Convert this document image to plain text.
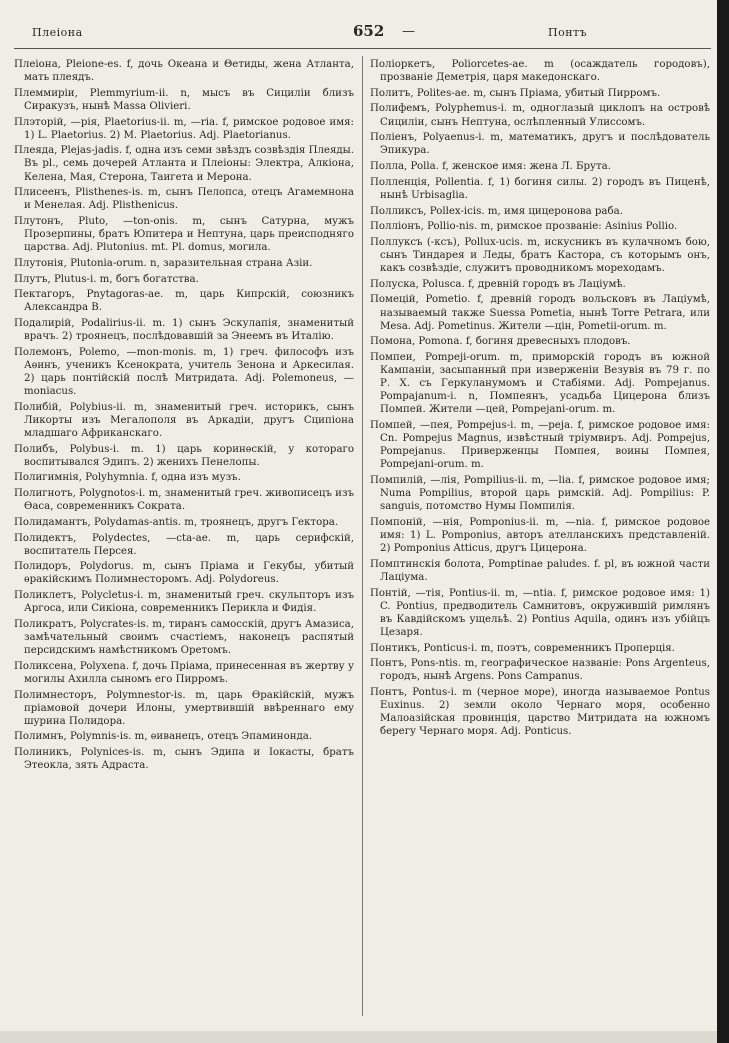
Плеіона	652 —	Понтъ

Плеіона, Pleione-es. f, дочь Океана и Θетиды, жена Атланта, мать плеядъ.

Племмиріи, Plemmyrium-ii. n, мысъ въ Сициліи близъ Сиракузъ, нынѣ Massa Olivieri.

Плэторій, —рія, Plaetorius-ii. m, —ria. f, римское родовое имя: 1) L. Plaetorius. 2) M. Plaetorius. Adj. Plaetorianus.

Плеяда, Plejas-jadis. f, одна изъ семи звѣздъ созвѣздія Плеяды. Въ pl., семь дочерей Атланта и Плеіоны: Электра, Алкіона, Келена, Мая, Стерона, Таигета и Мерона.

Плисеенъ, Plisthenes-is. m, сынъ Пелопса, отецъ Агамемнона и Менелая. Adj. Plisthenicus.

Плутонъ, Pluto, —ton-onis. m, сынъ Сатурна, мужъ Прозерпины, братъ Юпитера и Нептуна, царь преисподняго царства. Adj. Plutonius. mt. Pl. domus, могила.

Плутонія, Plutonia-orum. n, заразительная страна Азіи.

Плутъ, Plutus-i. m, богъ богатства.

Пектагоръ, Pnytagoras-ae. m, царь Кипрскій, союзникъ Александра В.

Подалирій, Podalirius-ii. m. 1) сынъ Эскулапія, знаменитый врачъ. 2) троянецъ, послѣдовавшій за Энеемъ въ Италію.

Полемонъ, Polemo, —mon-monis. m, 1) греч. философъ изъ Аѳинъ, ученикъ Ксенократа, учитель Зенона и Аркесилая. 2) царь понтійскій послѣ Митридата. Adj. Polemoneus, —moniacus.

Полибій, Polybius-ii. m, знаменитый греч. историкъ, сынъ Ликорты изъ Мегалополя въ Аркадіи, другъ Сципіона младшаго Африканскаго.

Полибъ, Polybus-i. m. 1) царь коринѳскій, у котораго воспитывался Эдипъ. 2) женихъ Пенелопы.

Полигимнія, Polyhymnia. f, одна изъ музъ.

Полигнотъ, Polygnotos-i. m, знаменитый греч. живописецъ изъ Ѳаса, современникъ Сократа.

Полидамантъ, Polydamas-antis. m, троянецъ, другъ Гектора.

Полидектъ, Polydectes, —cta-ae. m, царь серифскій, воспитатель Персея.

Полидоръ, Polydorus. m, сынъ Пріама и Гекубы, убитый ѳракійскимъ Полимнесторомъ. Adj. Polydoreus.

Поликлетъ, Polycletus-i. m, знаменитый греч. скульпторъ изъ Аргоса, или Сикіона, современникъ Перикла и Фидія.

Поликратъ, Polycrates-is. m, тиранъ самосскій, другъ Амазиса, замѣчательный своимъ счастіемъ, наконецъ распятый персидскимъ намѣстникомъ Оретомъ.

Поликсена, Polyxena. f, дочь Пріама, принесенная въ жертву у могилы Ахилла сыномъ его Пирромъ.

Полимнесторъ, Polymnestor-is. m, царь Ѳракійскій, мужъ пріамовой дочери Илоны, умертвившій ввѣреннаго ему шурина Полидора.

Полимнъ, Polymnis-is. m, ѳиванецъ, отецъ Эпаминонда.

Полиникъ, Polynices-is. m, сынъ Эдипа и Іокасты, братъ Этеокла, зять Адраста.

Поліоркетъ, Poliorcetes-ae. m (осаждатель городовъ), прозваніе Деметрія, царя македонскаго.

Политъ, Polites-ae. m, сынъ Пріама, убитый Пирромъ.

Полифемъ, Polyphemus-i. m, одноглазый циклопъ на островѣ Сициліи, сынъ Нептуна, ослѣпленный Улиссомъ.

Поліенъ, Polyaenus-i. m, математикъ, другъ и послѣдователь Эпикура.

Полла, Polla. f, женское имя: жена Л. Брута.

Полленція, Pollentia. f, 1) богиня силы. 2) городъ въ Пиценѣ, нынѣ Urbisaglia.

Полликсъ, Pollex-icis. m, имя цицеронова раба.

Полліонъ, Pollio-nis. m, римское прозваніе: Asinius Pollio.

Поллуксъ (-ксъ), Pollux-ucis. m, искусникъ въ кулачномъ бою, сынъ Тиндарея и Леды, братъ Кастора, съ которымъ онъ, какъ созвѣздіе, служитъ проводникомъ мореходамъ.

Полуска, Polusca. f, древній городъ въ Лаціумѣ.

Помецій, Pometio. f, древній городъ вольсковъ въ Лаціумѣ, называемый также Suessa Pometia, нынѣ Torre Petrara, или Mesa. Adj. Pometinus. Жители —цін, Pometii-orum. m.

Помона, Pomona. f, богиня древесныхъ плодовъ.

Помпеи, Pompeji-orum. m, приморскій городъ въ южной Кампаніи, засыпанный при изверженіи Везувія въ 79 г. по Р. Х. съ Геркуланумомъ и Стабіями. Adj. Pompejanus. Pompajanum-i. n, Помпеянъ, усадьба Цицерона близъ Помпей. Жители —цей, Pompejani-orum. m.

Помпей, —пея, Pompejus-i. m, —peja. f, римское родовое имя: Cn. Pompejus Magnus, извѣстный тріумвиръ. Adj. Pompejus, Pompejanus. Приверженцы Помпея, воины Помпея, Pompejani-orum. m.

Помпилій, —лія, Pompilius-ii. m, —lia. f, римское родовое имя; Numa Pompilius, второй царь римскій. Adj. Pompilius: P. sanguis, потомство Нумы Помпилія.

Помпоній, —нія, Pomponius-ii. m, —nia. f, римское родовое имя: 1) L. Pomponius, авторъ ателланскихъ представленій. 2) Pomponius Atticus, другъ Цицерона.

Помптинскія болота, Pomptinae paludes. f. pl, въ южной части Лаціума.

Понтій, —тія, Pontius-ii. m, —ntia. f, римское родовое имя: 1) C. Pontius, предводитель Самнитовъ, окружившій римлянъ въ Кавдійскомъ ущельѣ. 2) Pontius Aquila, одинъ изъ убійцъ Цезаря.

Понтикъ, Ponticus-i. m, поэтъ, современникъ Проперція.

Понтъ, Pons-ntis. m, географическое названіе: Pons Argenteus, городъ, нынѣ Argens. Pons Campanus.

Понтъ, Pontus-i. m (черное море), иногда называемое Pontus Euxinus. 2) земли около Чернаго моря, особенно Малоазійская провинція, царство Митридата на южномъ берегу Чернаго моря. Adj. Ponticus.
